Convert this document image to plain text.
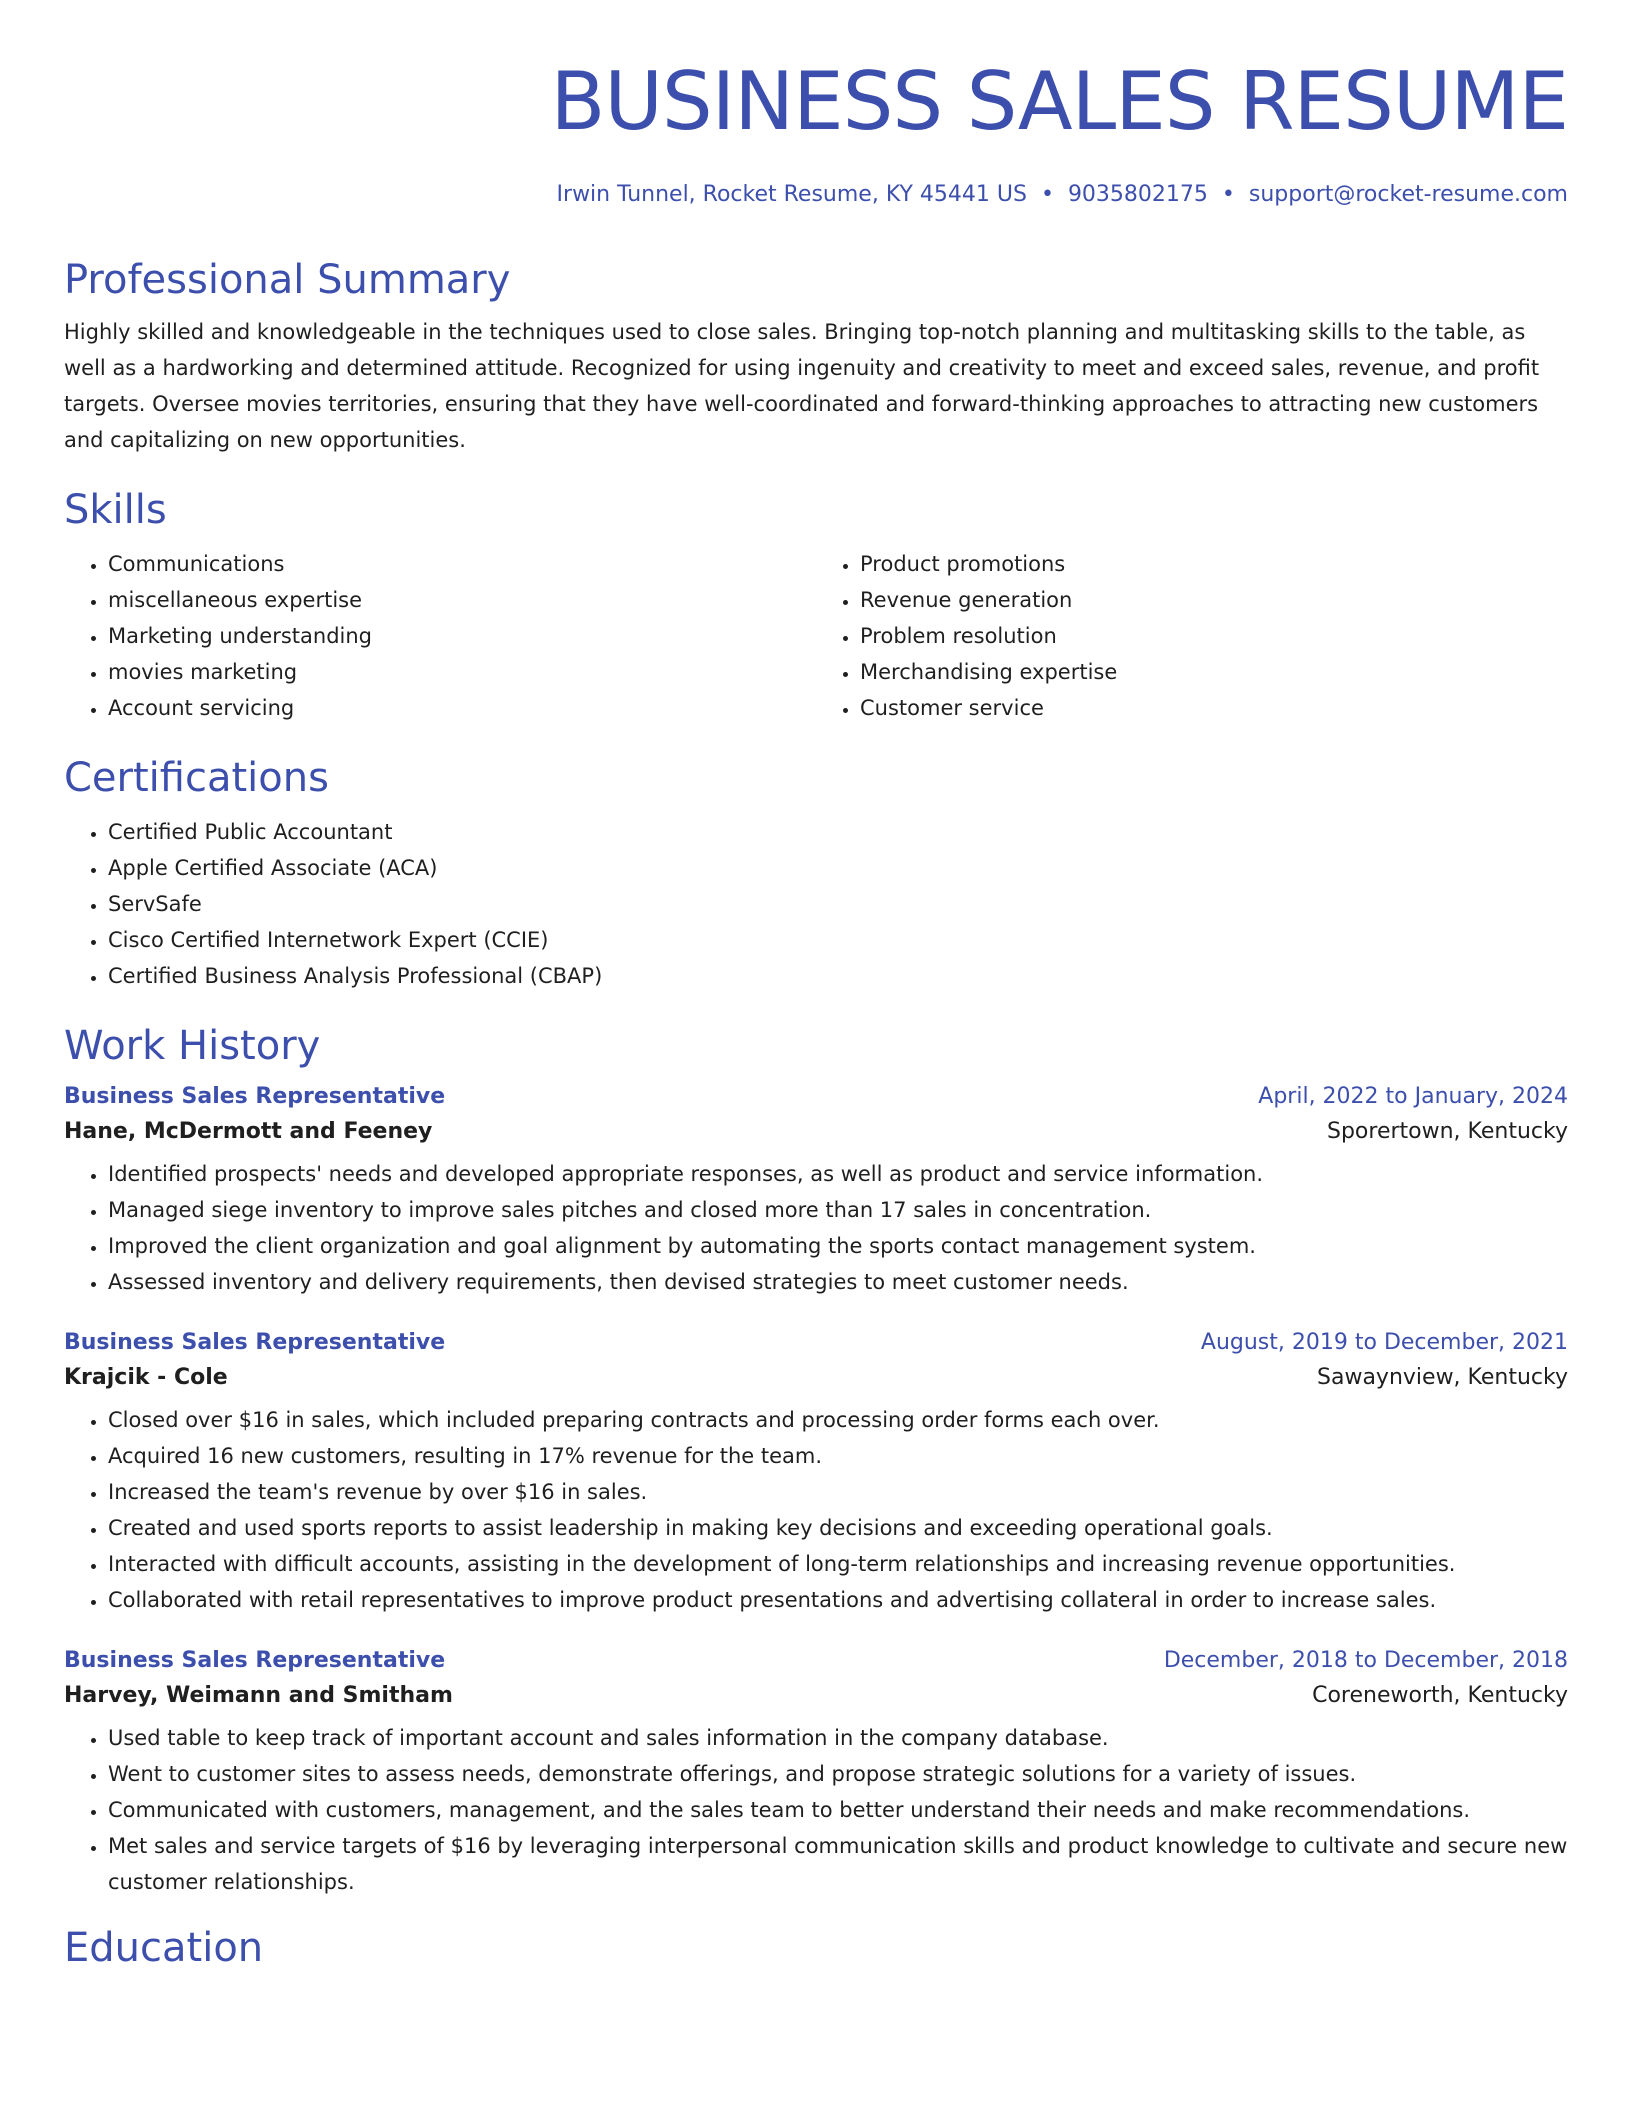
BUSINESS SALES RESUME
Irwin Tunnel, Rocket Resume, KY 45441 US • 9035802175 • support@rocket-resume.com
Professional Summary

Highly skilled and knowledgeable in the techniques used to close sales. Bringing top-notch planning and multitasking skills to the table, as well as a hardworking and determined attitude. Recognized for using ingenuity and creativity to meet and exceed sales, revenue, and profit targets. Oversee movies territories, ensuring that they have well-coordinated and forward-thinking approaches to attracting new customers and capitalizing on new opportunities.

Skills
• Communications
• miscellaneous expertise
• Marketing understanding
• movies marketing
• Account servicing
• Product promotions
• Revenue generation
• Problem resolution
• Merchandising expertise
• Customer service
Certifications
• Certified Public Accountant
• Apple Certified Associate (ACA)
• ServSafe
• Cisco Certified Internetwork Expert (CCIE)
• Certified Business Analysis Professional (CBAP)
Work History
Business Sales Representative	April, 2022 to January, 2024
Hane, McDermott and Feeney	Sporertown, Kentucky
• Identified prospects' needs and developed appropriate responses, as well as product and service information.
• Managed siege inventory to improve sales pitches and closed more than 17 sales in concentration.
• Improved the client organization and goal alignment by automating the sports contact management system.
• Assessed inventory and delivery requirements, then devised strategies to meet customer needs.
Business Sales Representative	August, 2019 to December, 2021
Krajcik - Cole	Sawaynview, Kentucky
• Closed over $16 in sales, which included preparing contracts and processing order forms each over.
• Acquired 16 new customers, resulting in 17% revenue for the team.
• Increased the team's revenue by over $16 in sales.
• Created and used sports reports to assist leadership in making key decisions and exceeding operational goals.
• Interacted with difficult accounts, assisting in the development of long-term relationships and increasing revenue opportunities.
• Collaborated with retail representatives to improve product presentations and advertising collateral in order to increase sales.
Business Sales Representative	December, 2018 to December, 2018
Harvey, Weimann and Smitham	Coreneworth, Kentucky
• Used table to keep track of important account and sales information in the company database.
• Went to customer sites to assess needs, demonstrate offerings, and propose strategic solutions for a variety of issues.
• Communicated with customers, management, and the sales team to better understand their needs and make recommendations.
• Met sales and service targets of $16 by leveraging interpersonal communication skills and product knowledge to cultivate and secure new customer relationships.
Education
